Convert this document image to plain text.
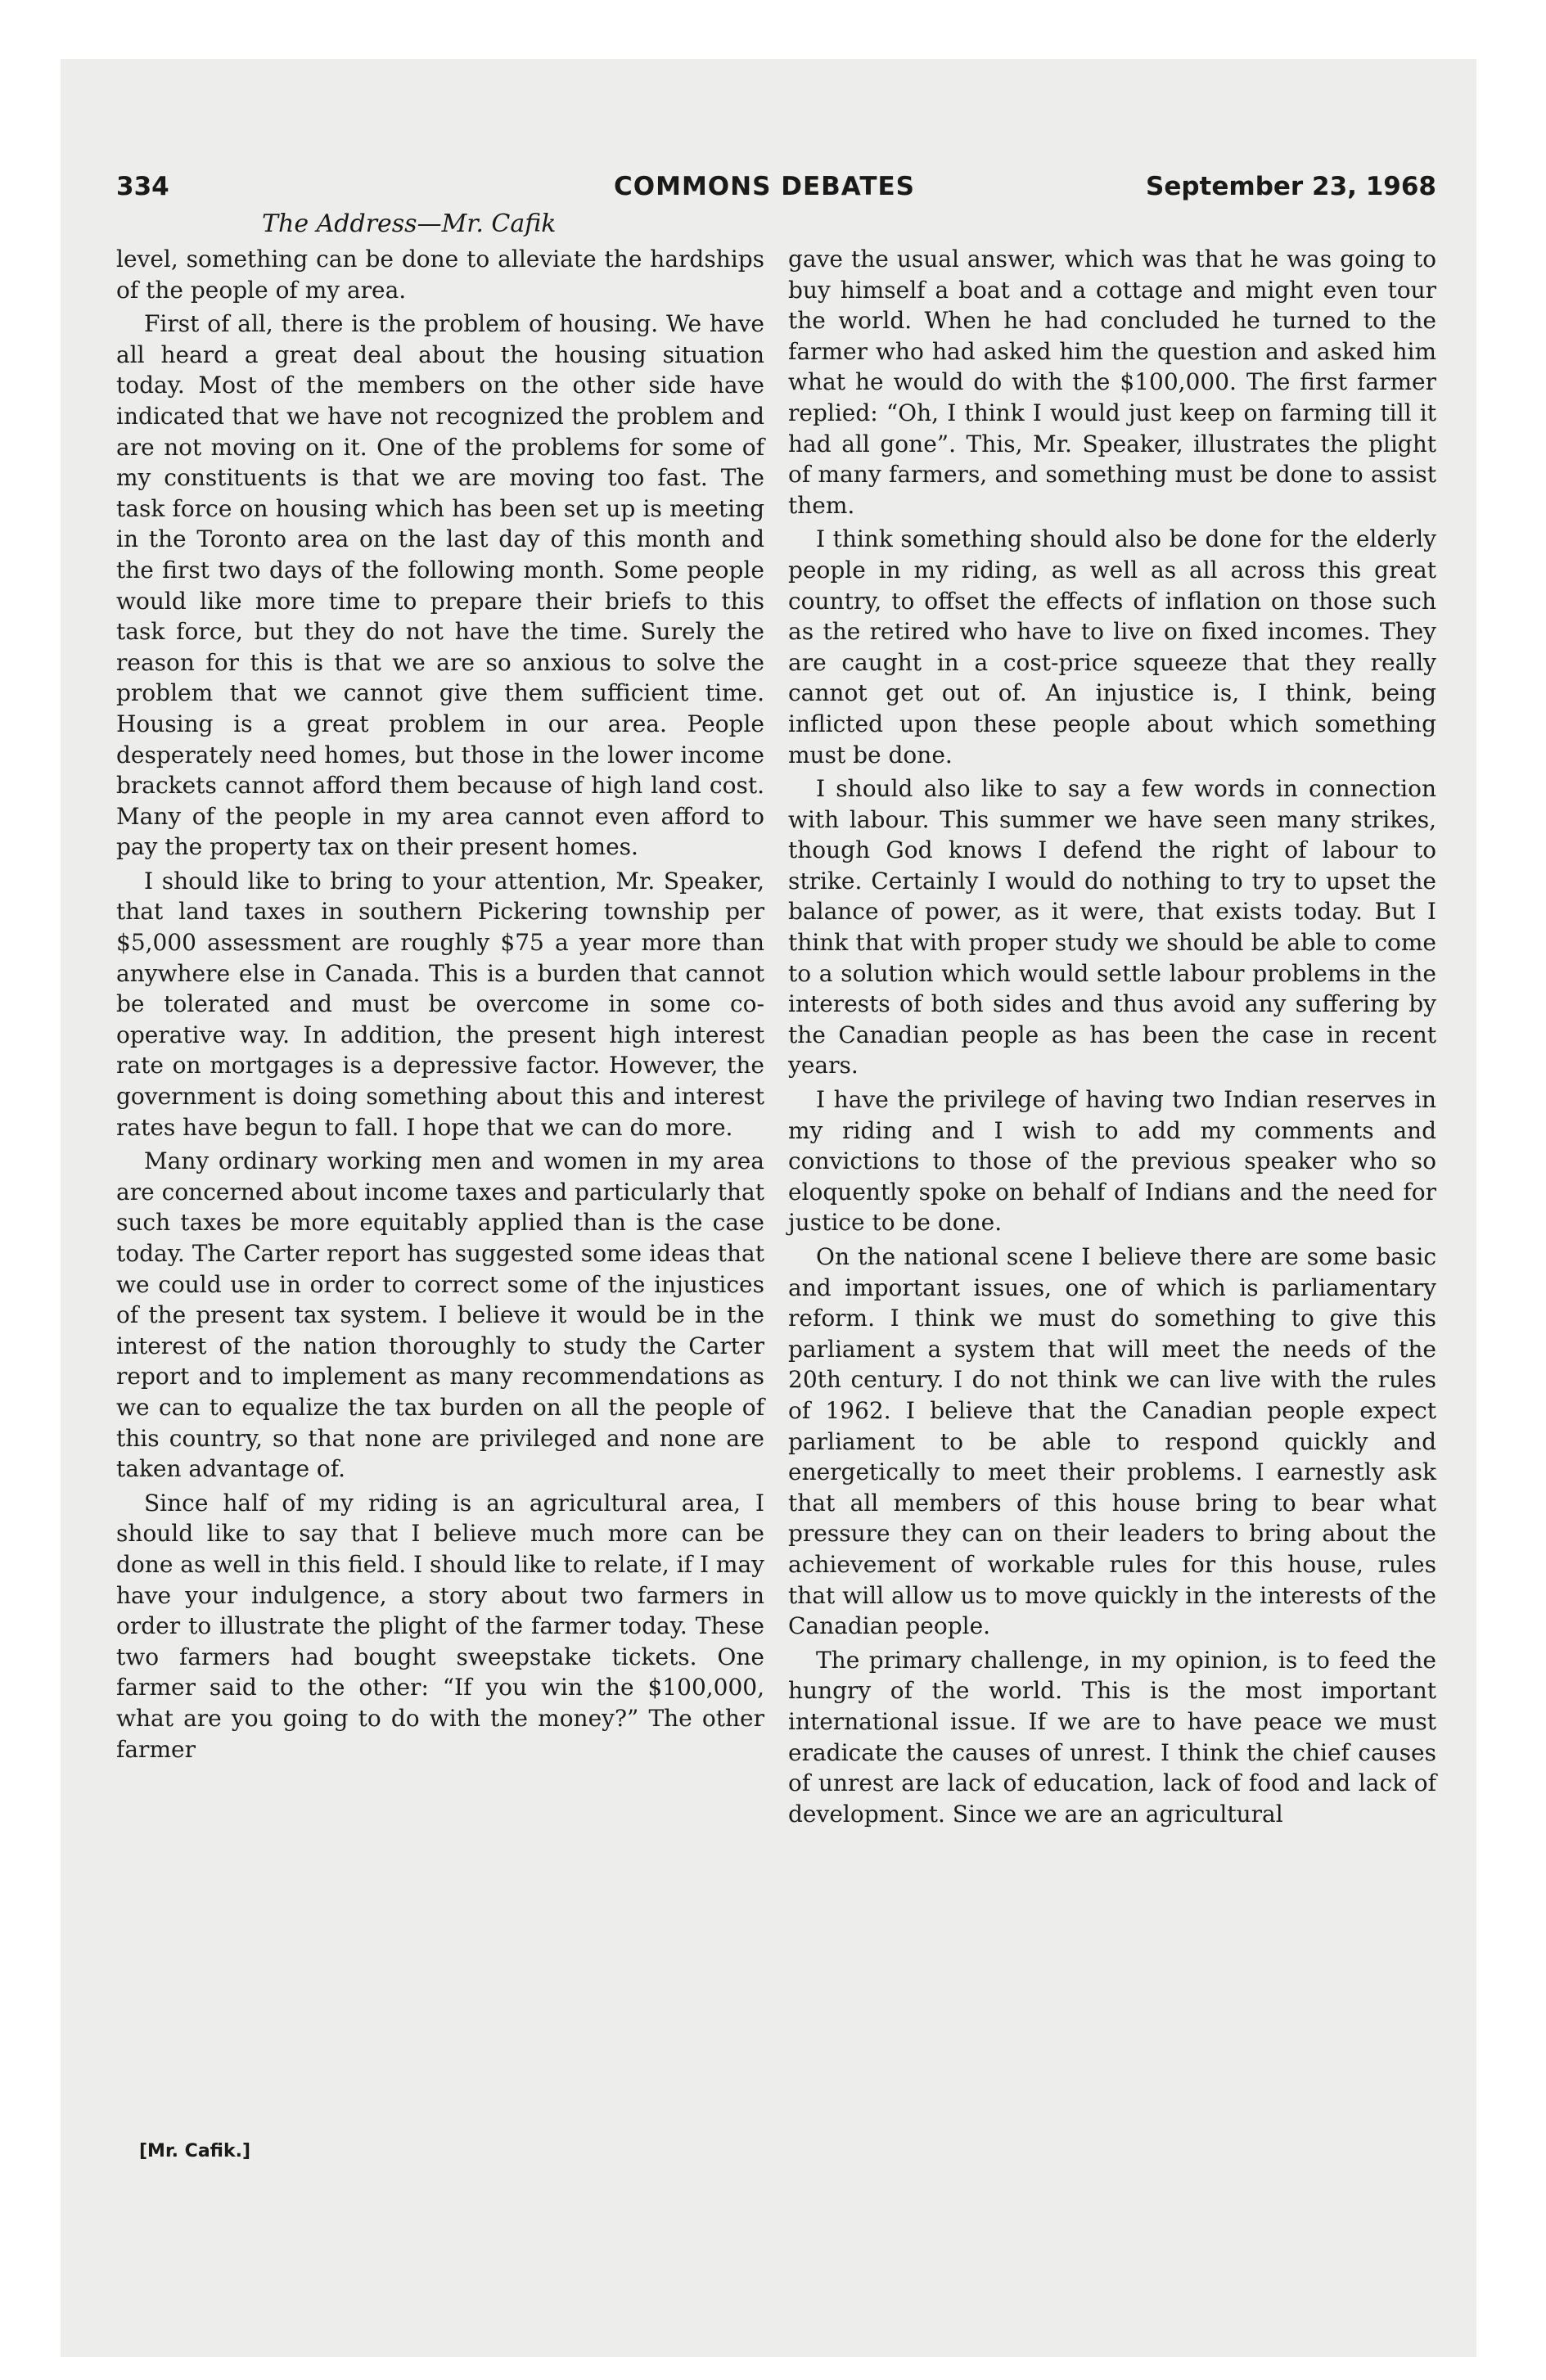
334	COMMONS DEBATES	September 23, 1968
The Address—Mr. Cafik

level, something can be done to alleviate the hardships of the people of my area.

First of all, there is the problem of housing. We have all heard a great deal about the housing situation today. Most of the members on the other side have indicated that we have not recognized the problem and are not moving on it. One of the problems for some of my constituents is that we are moving too fast. The task force on housing which has been set up is meeting in the Toronto area on the last day of this month and the first two days of the following month. Some people would like more time to prepare their briefs to this task force, but they do not have the time. Surely the reason for this is that we are so anxious to solve the problem that we cannot give them sufficient time. Housing is a great problem in our area. People desperately need homes, but those in the lower income brackets cannot afford them because of high land cost. Many of the people in my area cannot even afford to pay the property tax on their present homes.

I should like to bring to your attention, Mr. Speaker, that land taxes in southern Pickering township per $5,000 assessment are roughly $75 a year more than anywhere else in Canada. This is a burden that cannot be tolerated and must be overcome in some co-operative way. In addition, the present high interest rate on mortgages is a depressive factor. However, the government is doing something about this and interest rates have begun to fall. I hope that we can do more.

Many ordinary working men and women in my area are concerned about income taxes and particularly that such taxes be more equitably applied than is the case today. The Carter report has suggested some ideas that we could use in order to correct some of the injustices of the present tax system. I believe it would be in the interest of the nation thoroughly to study the Carter report and to implement as many recommendations as we can to equalize the tax burden on all the people of this country, so that none are privileged and none are taken advantage of.

Since half of my riding is an agricultural area, I should like to say that I believe much more can be done as well in this field. I should like to relate, if I may have your indulgence, a story about two farmers in order to illustrate the plight of the farmer today. These two farmers had bought sweepstake tickets. One farmer said to the other: “If you win the $100,000, what are you going to do with the money?” The other farmer

gave the usual answer, which was that he was going to buy himself a boat and a cottage and might even tour the world. When he had concluded he turned to the farmer who had asked him the question and asked him what he would do with the $100,000. The first farmer replied: “Oh, I think I would just keep on farming till it had all gone”. This, Mr. Speaker, illustrates the plight of many farmers, and something must be done to assist them.

I think something should also be done for the elderly people in my riding, as well as all across this great country, to offset the effects of inflation on those such as the retired who have to live on fixed incomes. They are caught in a cost-price squeeze that they really cannot get out of. An injustice is, I think, being inflicted upon these people about which something must be done.

I should also like to say a few words in connection with labour. This summer we have seen many strikes, though God knows I defend the right of labour to strike. Certainly I would do nothing to try to upset the balance of power, as it were, that exists today. But I think that with proper study we should be able to come to a solution which would settle labour problems in the interests of both sides and thus avoid any suffering by the Canadian people as has been the case in recent years.

I have the privilege of having two Indian reserves in my riding and I wish to add my comments and convictions to those of the previous speaker who so eloquently spoke on behalf of Indians and the need for justice to be done.

On the national scene I believe there are some basic and important issues, one of which is parliamentary reform. I think we must do something to give this parliament a system that will meet the needs of the 20th century. I do not think we can live with the rules of 1962. I believe that the Canadian people expect parliament to be able to respond quickly and energetically to meet their problems. I earnestly ask that all members of this house bring to bear what pressure they can on their leaders to bring about the achievement of workable rules for this house, rules that will allow us to move quickly in the interests of the Canadian people.

The primary challenge, in my opinion, is to feed the hungry of the world. This is the most important international issue. If we are to have peace we must eradicate the causes of unrest. I think the chief causes of unrest are lack of education, lack of food and lack of development. Since we are an agricultural

[Mr. Cafik.]
